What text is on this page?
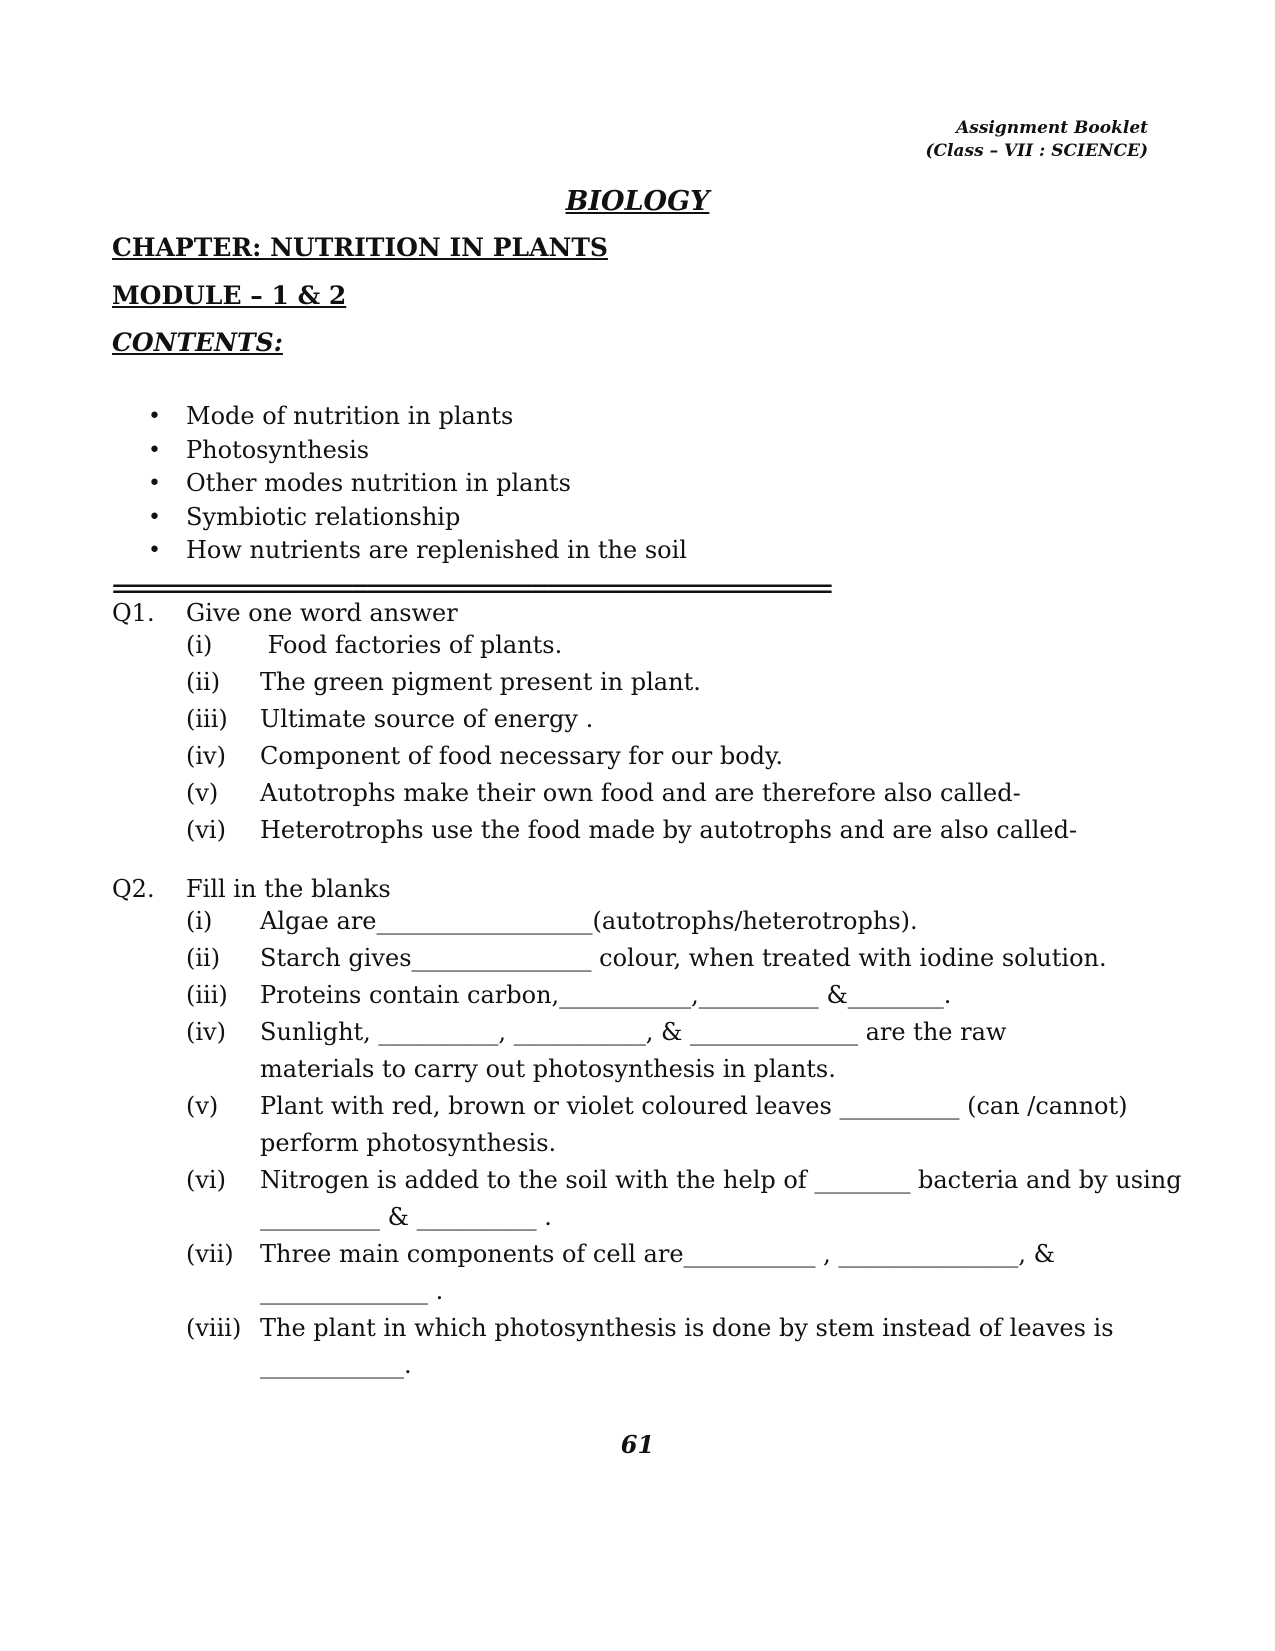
Assignment Booklet
(Class – VII : SCIENCE)
BIOLOGY
CHAPTER: NUTRITION IN PLANTS
MODULE – 1 & 2
CONTENTS:
• Mode of nutrition in plants
• Photosynthesis
• Other modes nutrition in plants
• Symbiotic relationship
• How nutrients are replenished in the soil
================================================
Q1. Give one word answer
(i) Food factories of plants.
(ii) The green pigment present in plant.
(iii) Ultimate source of energy .
(iv) Component of food necessary for our body.
(v) Autotrophs make their own food and are therefore also called-
(vi) Heterotrophs use the food made by autotrophs and are also called-
Q2. Fill in the blanks
(i) Algae are__________________(autotrophs/heterotrophs).
(ii) Starch gives_______________ colour, when treated with iodine solution.
(iii) Proteins contain carbon,___________,__________ &________.
(iv) Sunlight, __________, ___________, & ______________ are the raw
materials to carry out photosynthesis in plants.
(v) Plant with red, brown or violet coloured leaves __________ (can /cannot)
perform photosynthesis.
(vi) Nitrogen is added to the soil with the help of ________ bacteria and by using
__________ & __________ .
(vii) Three main components of cell are___________ , _______________, &
______________ .
(viii) The plant in which photosynthesis is done by stem instead of leaves is
____________.
61
